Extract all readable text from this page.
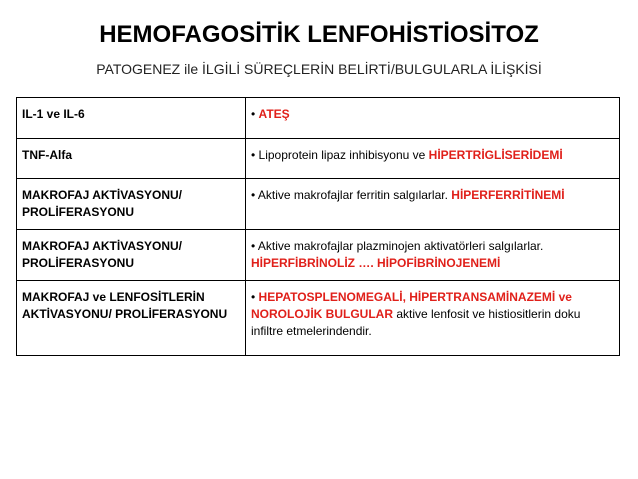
HEMOFAGOSİTİK LENFOHİSTİOSİTOZ
PATOGENEZ ile İLGİLİ SÜREÇLERİN BELİRTİ/BULGULARLA İLİŞKİSİ
IL-1 ve IL-6	• ATEŞ
TNF-Alfa	• Lipoprotein lipaz inhibisyonu ve HİPERTRİGLİSERİDEMİ
MAKROFAJ AKTİVASYONU/ PROLİFERASYONU	• Aktive makrofajlar ferritin salgılarlar. HİPERFERRİTİNEMİ
MAKROFAJ AKTİVASYONU/ PROLİFERASYONU	• Aktive makrofajlar plazminojen aktivatörleri salgılarlar. HİPERFİBRİNOLİZ …. HİPOFİBRİNOJENEMİ
MAKROFAJ ve LENFOSİTLERİN AKTİVASYONU/ PROLİFERASYONU	• HEPATOSPLENOMEGALİ, HİPERTRANSAMİNAZEMİ ve NOROLOJİK BULGULAR aktive lenfosit ve histiositlerin doku infiltre etmelerindendir.
